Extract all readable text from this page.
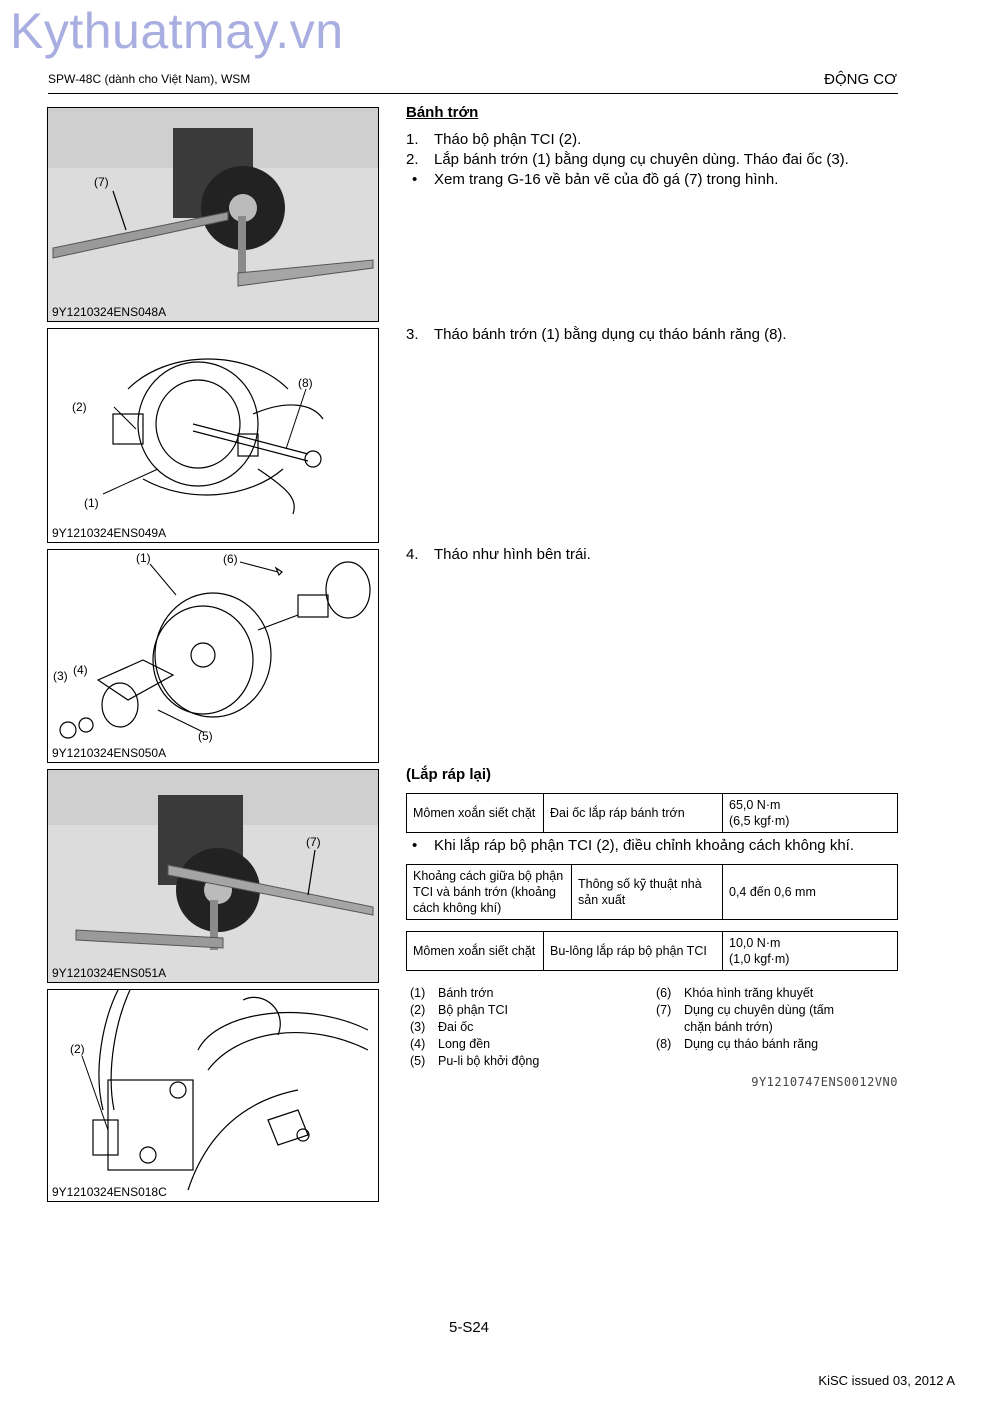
Kythuatmay.vn
SPW-48C (dành cho Việt Nam), WSM	ĐỘNG CƠ
(7)
9Y1210324ENS048A
(2)
(8)
(1)
9Y1210324ENS049A
(1)	(6)
(3) (4)
(5)
9Y1210324ENS050A
(7)
9Y1210324ENS051A
(2)
9Y1210324ENS018C
Bánh trớn
1. Tháo bộ phận TCI (2).
2. Lắp bánh trớn (1) bằng dụng cụ chuyên dùng. Tháo đai ốc (3).
• Xem trang G-16 về bản vẽ của đồ gá (7) trong hình.
3. Tháo bánh trớn (1) bằng dụng cụ tháo bánh răng (8).
4. Tháo như hình bên trái.
(Lắp ráp lại)
Mômen xoắn siết chặt	Đai ốc lắp ráp bánh trớn	
65,0 N·m
(6,5 kgf·m)
• Khi lắp ráp bộ phận TCI (2), điều chỉnh khoảng cách không khí.
Khoảng cách giữa bộ phận TCI và bánh trớn (khoảng cách không khí)	Thông số kỹ thuật nhà sản xuất	0,4 đến 0,6 mm
Mômen xoắn siết chặt	Bu-lông lắp ráp bộ phận TCI	
10,0 N·m
(1,0 kgf·m)
(1)	Bánh trớn
(2)	Bộ phận TCI
(3)	Đai ốc
(4)	Long đền
(5)	Pu-li bộ khởi động
(6)	Khóa hình trăng khuyết
(7)	Dụng cụ chuyên dùng (tấm chặn bánh trớn)
(8)	Dụng cụ tháo bánh răng
9Y1210747ENS0012VN0
5-S24
KiSC issued 03, 2012 A
